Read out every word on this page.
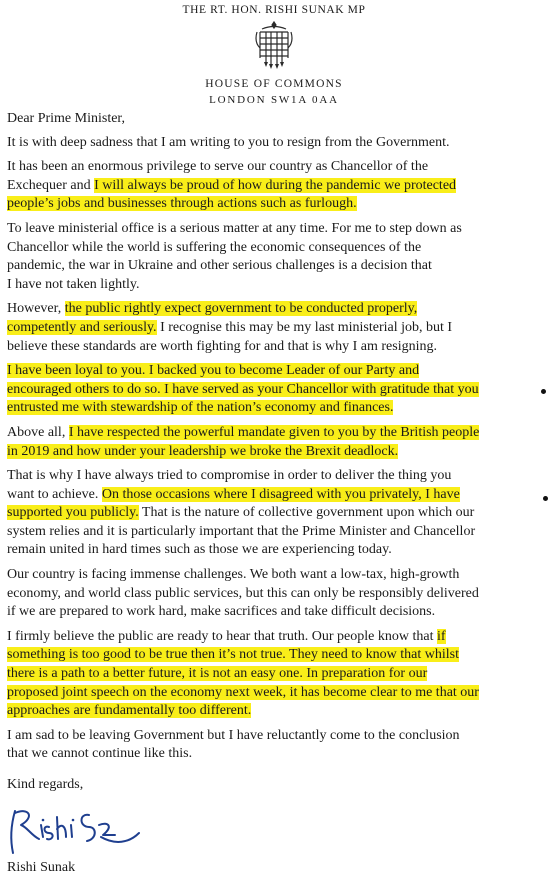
THE RT. HON. RISHI SUNAK MP
HOUSE OF COMMONS
LONDON SW1A 0AA
Dear Prime Minister,
It is with deep sadness that I am writing to you to resign from the Government.
It has been an enormous privilege to serve our country as Chancellor of the
Exchequer and I will always be proud of how during the pandemic we protected
people’s jobs and businesses through actions such as furlough.
To leave ministerial office is a serious matter at any time. For me to step down as
Chancellor while the world is suffering the economic consequences of the
pandemic, the war in Ukraine and other serious challenges is a decision that
I have not taken lightly.
However, the public rightly expect government to be conducted properly,
competently and seriously. I recognise this may be my last ministerial job, but I
believe these standards are worth fighting for and that is why I am resigning.
I have been loyal to you. I backed you to become Leader of our Party and
encouraged others to do so. I have served as your Chancellor with gratitude that you
entrusted me with stewardship of the nation’s economy and finances.
Above all, I have respected the powerful mandate given to you by the British people
in 2019 and how under your leadership we broke the Brexit deadlock.
That is why I have always tried to compromise in order to deliver the thing you
want to achieve. On those occasions where I disagreed with you privately, I have
supported you publicly. That is the nature of collective government upon which our
system relies and it is particularly important that the Prime Minister and Chancellor
remain united in hard times such as those we are experiencing today.
Our country is facing immense challenges. We both want a low-tax, high-growth
economy, and world class public services, but this can only be responsibly delivered
if we are prepared to work hard, make sacrifices and take difficult decisions.
I firmly believe the public are ready to hear that truth. Our people know that if
something is too good to be true then it’s not true. They need to know that whilst
there is a path to a better future, it is not an easy one. In preparation for our
proposed joint speech on the economy next week, it has become clear to me that our
approaches are fundamentally too different.
I am sad to be leaving Government but I have reluctantly come to the conclusion
that we cannot continue like this.
Kind regards,
Rishi Sunak
